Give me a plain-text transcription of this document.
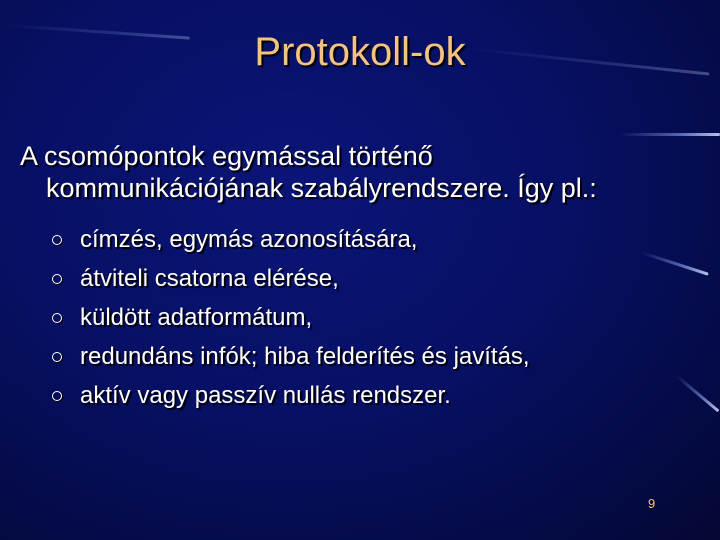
Protokoll-ok
A csomópontok egymással történő
kommunikációjának szabályrendszere. Így pl.:
címzés, egymás azonosítására,
átviteli csatorna elérése,
küldött adatformátum,
redundáns infók; hiba felderítés és javítás,
aktív vagy passzív nullás rendszer.
9
